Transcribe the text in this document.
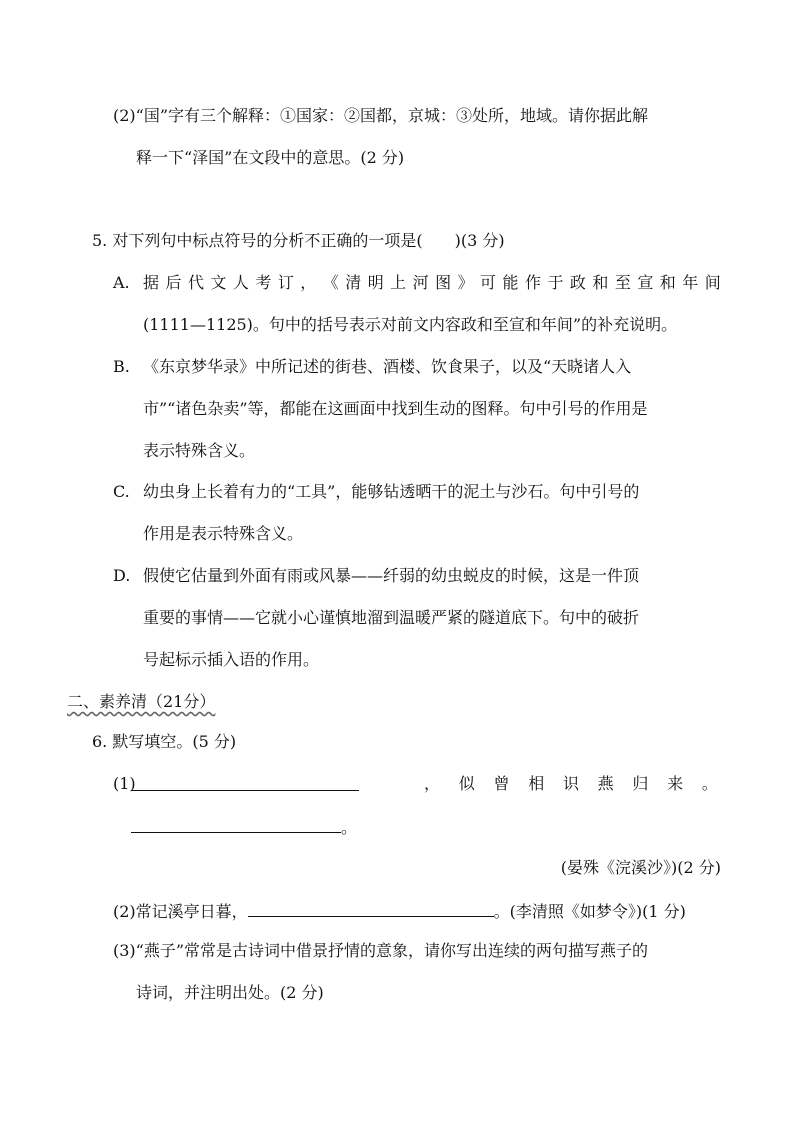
(2)“国”字有三个解释：①国家：②国都，京城：③处所，地域。请你据此解
释一下“泽国”在文段中的意思。(2 分)
5. 对下列句中标点符号的分析不正确的一项是(　　)(3 分)
A. 据 后 代 文 人 考 订 ， 《 清 明 上 河 图 》 可 能 作 于 政 和 至 宣 和 年 间
(1111—1125)。句中的括号表示对前文内容政和至宣和年间”的补充说明。
B. 《东京梦华录》中所记述的街巷、酒楼、饮食果子，以及“天晓诸人入
市”“诸色杂卖”等，都能在这画面中找到生动的图释。句中引号的作用是
表示特殊含义。
C. 幼虫身上长着有力的“工具”，能够钻透晒干的泥土与沙石。句中引号的
作用是表示特殊含义。
D. 假使它估量到外面有雨或风暴——纤弱的幼虫蜕皮的时候，这是一件顶
重要的事情——它就小心谨慎地溜到温暖严紧的隧道底下。句中的破折
号起标示插入语的作用。
二、素养清（21分）
6. 默写填空。(5 分)
(1)	， 似 曾 相 识 燕 归 来 。
。
(晏殊《浣溪沙》)(2 分)
(2)常记溪亭日暮，	。(李清照《如梦令》)(1 分)
(3)“燕子”常常是古诗词中借景抒情的意象，请你写出连续的两句描写燕子的
诗词，并注明出处。(2 分)
